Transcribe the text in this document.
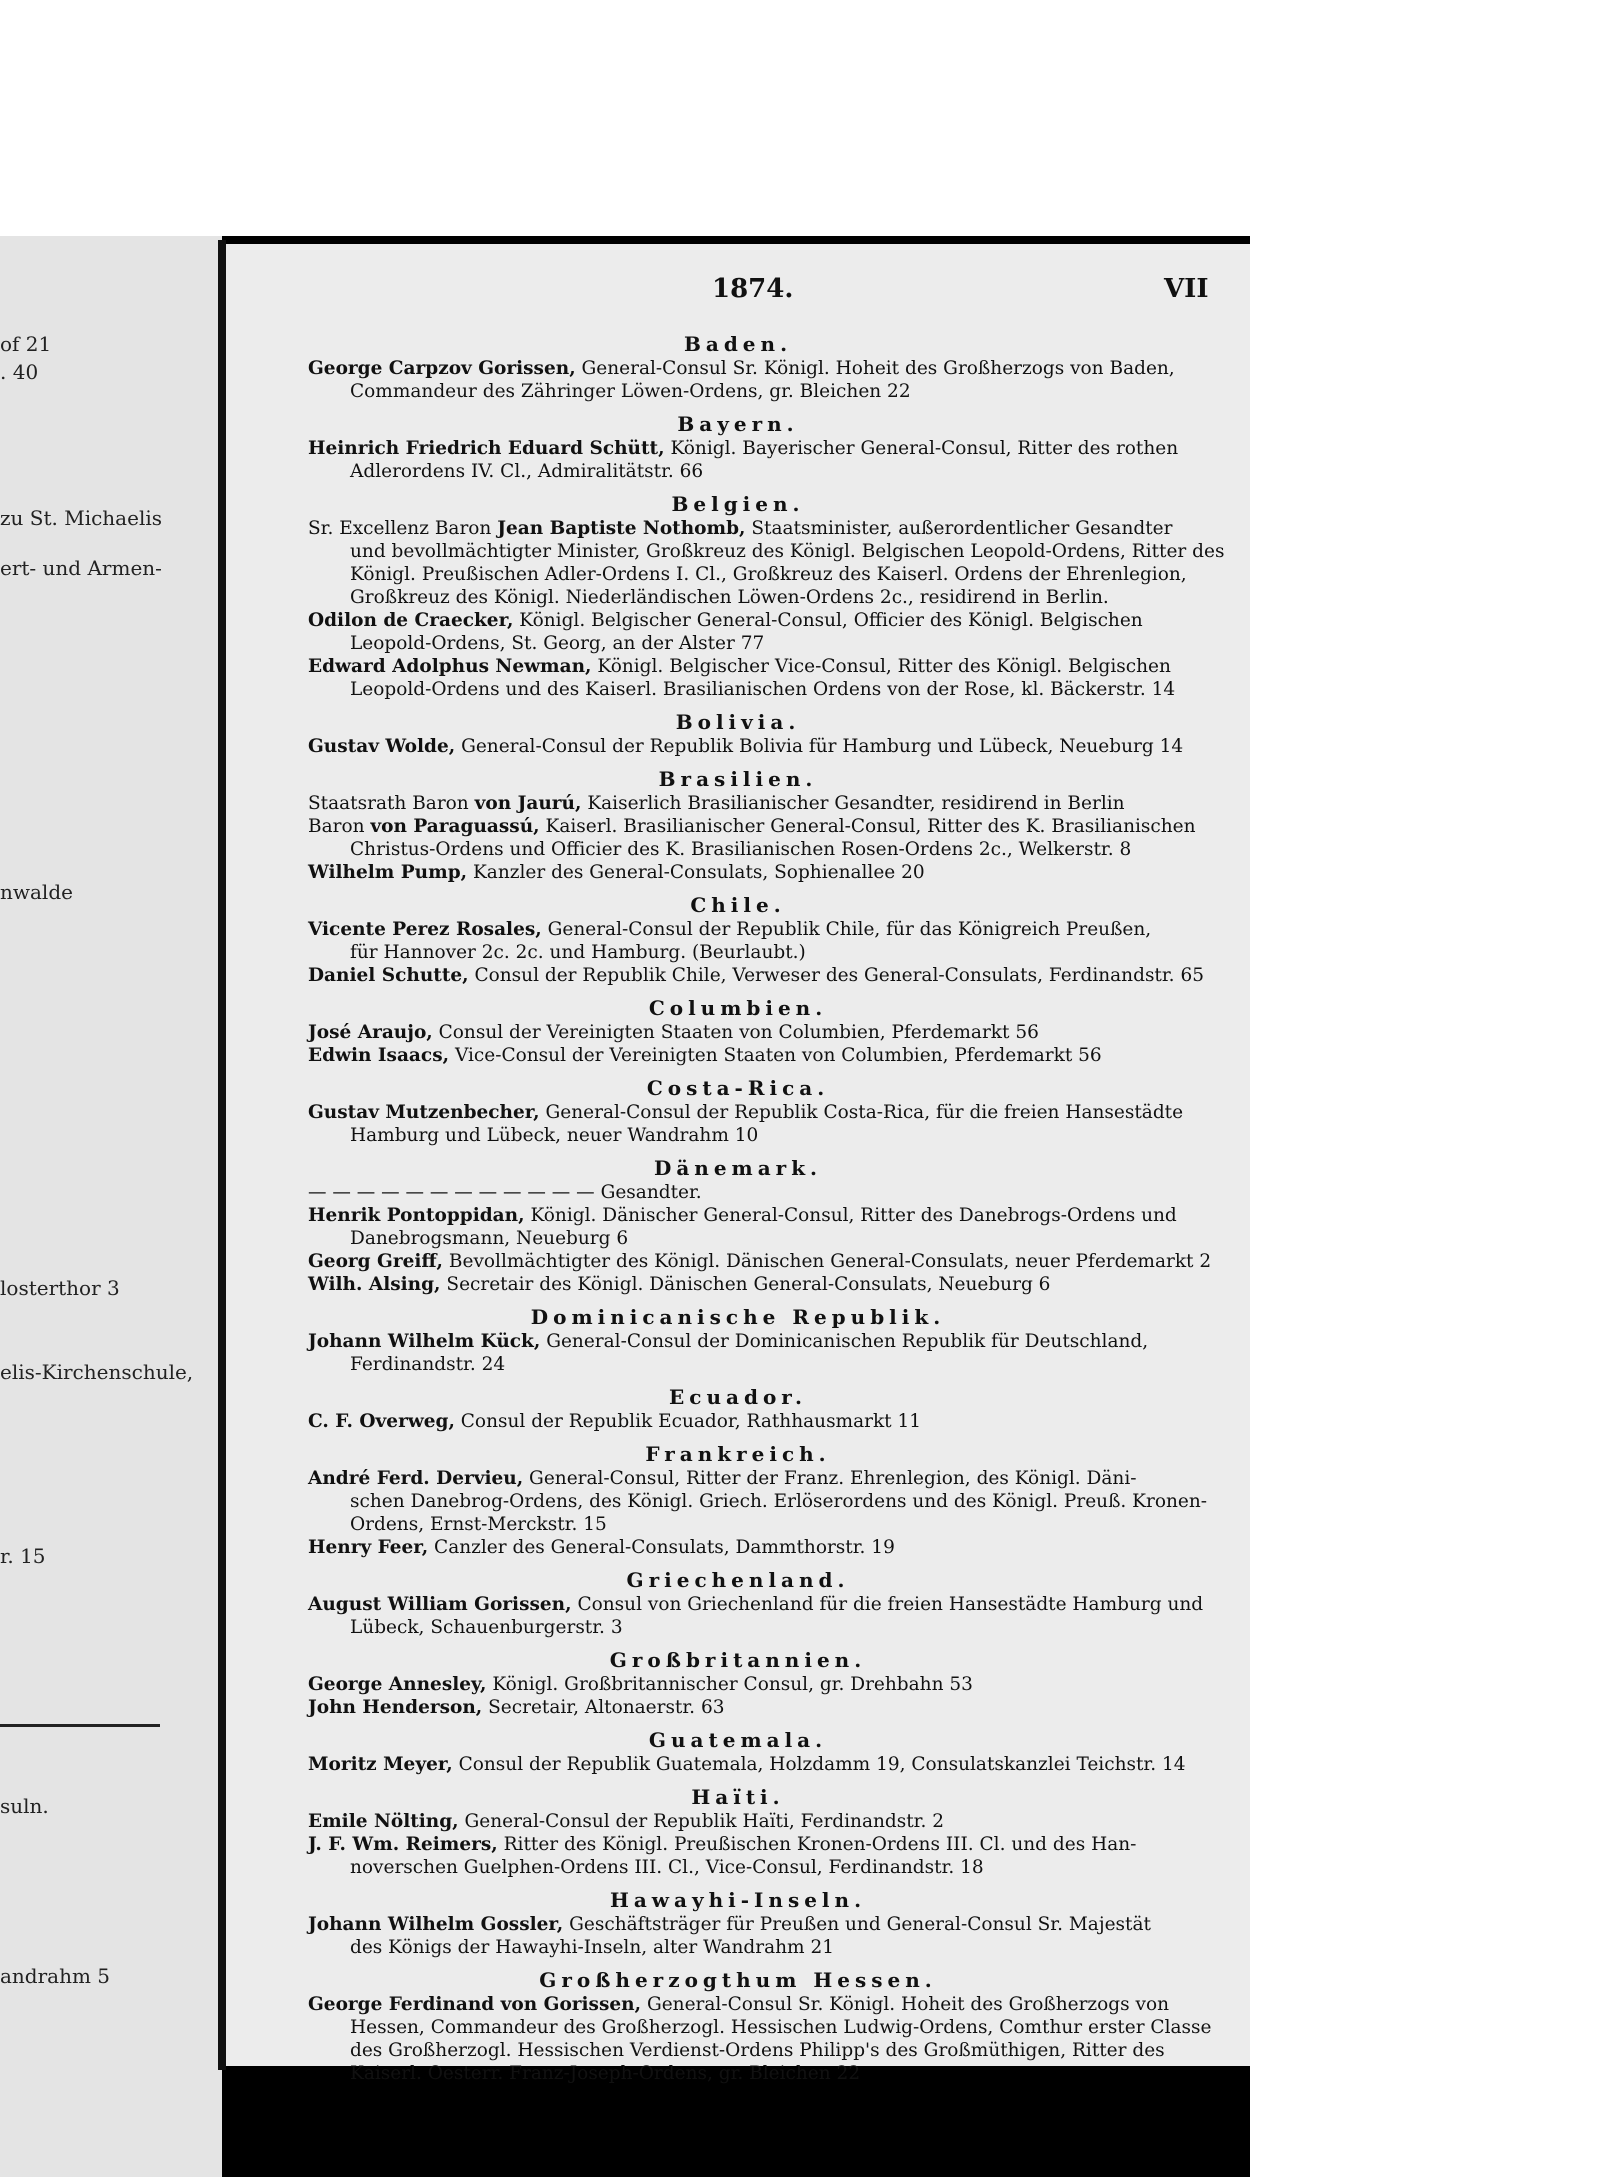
of 21
. 40
zu St. Michaelis
ert- und Armen-
nwalde
losterthor 3
elis-Kirchenschule,
r. 15
suln.
andrahm 5
1874.	VII
Baden.
George Carpzov Gorissen, General-Consul Sr. Königl. Hoheit des Großherzogs von Baden,
Commandeur des Zähringer Löwen-Ordens, gr. Bleichen 22
Bayern.
Heinrich Friedrich Eduard Schütt, Königl. Bayerischer General-Consul, Ritter des rothen
Adlerordens IV. Cl., Admiralitätstr. 66
Belgien.
Sr. Excellenz Baron Jean Baptiste Nothomb, Staatsminister, außerordentlicher Gesandter
und bevollmächtigter Minister, Großkreuz des Königl. Belgischen Leopold-Ordens, Ritter des
Königl. Preußischen Adler-Ordens I. Cl., Großkreuz des Kaiserl. Ordens der Ehrenlegion,
Großkreuz des Königl. Niederländischen Löwen-Ordens 2c., residirend in Berlin.
Odilon de Craecker, Königl. Belgischer General-Consul, Officier des Königl. Belgischen
Leopold-Ordens, St. Georg, an der Alster 77
Edward Adolphus Newman, Königl. Belgischer Vice-Consul, Ritter des Königl. Belgischen
Leopold-Ordens und des Kaiserl. Brasilianischen Ordens von der Rose, kl. Bäckerstr. 14
Bolivia.
Gustav Wolde, General-Consul der Republik Bolivia für Hamburg und Lübeck, Neueburg 14
Brasilien.
Staatsrath Baron von Jaurú, Kaiserlich Brasilianischer Gesandter, residirend in Berlin
Baron von Paraguassú, Kaiserl. Brasilianischer General-Consul, Ritter des K. Brasilianischen
Christus-Ordens und Officier des K. Brasilianischen Rosen-Ordens 2c., Welkerstr. 8
Wilhelm Pump, Kanzler des General-Consulats, Sophienallee 20
Chile.
Vicente Perez Rosales, General-Consul der Republik Chile, für das Königreich Preußen,
für Hannover 2c. 2c. und Hamburg. (Beurlaubt.)
Daniel Schutte, Consul der Republik Chile, Verweser des General-Consulats, Ferdinandstr. 65
Columbien.
José Araujo, Consul der Vereinigten Staaten von Columbien, Pferdemarkt 56
Edwin Isaacs, Vice-Consul der Vereinigten Staaten von Columbien, Pferdemarkt 56
Costa-Rica.
Gustav Mutzenbecher, General-Consul der Republik Costa-Rica, für die freien Hansestädte
Hamburg und Lübeck, neuer Wandrahm 10
Dänemark.
— — — — — — — — — — — — Gesandter.
Henrik Pontoppidan, Königl. Dänischer General-Consul, Ritter des Danebrogs-Ordens und
Danebrogsmann, Neueburg 6
Georg Greiff, Bevollmächtigter des Königl. Dänischen General-Consulats, neuer Pferdemarkt 2
Wilh. Alsing, Secretair des Königl. Dänischen General-Consulats, Neueburg 6
Dominicanische Republik.
Johann Wilhelm Kück, General-Consul der Dominicanischen Republik für Deutschland,
Ferdinandstr. 24
Ecuador.
C. F. Overweg, Consul der Republik Ecuador, Rathhausmarkt 11
Frankreich.
André Ferd. Dervieu, General-Consul, Ritter der Franz. Ehrenlegion, des Königl. Däni-
schen Danebrog-Ordens, des Königl. Griech. Erlöserordens und des Königl. Preuß. Kronen-
Ordens, Ernst-Merckstr. 15
Henry Feer, Canzler des General-Consulats, Dammthorstr. 19
Griechenland.
August William Gorissen, Consul von Griechenland für die freien Hansestädte Hamburg und
Lübeck, Schauenburgerstr. 3
Großbritannien.
George Annesley, Königl. Großbritannischer Consul, gr. Drehbahn 53
John Henderson, Secretair, Altonaerstr. 63
Guatemala.
Moritz Meyer, Consul der Republik Guatemala, Holzdamm 19, Consulatskanzlei Teichstr. 14
Haïti.
Emile Nölting, General-Consul der Republik Haïti, Ferdinandstr. 2
J. F. Wm. Reimers, Ritter des Königl. Preußischen Kronen-Ordens III. Cl. und des Han-
noverschen Guelphen-Ordens III. Cl., Vice-Consul, Ferdinandstr. 18
Hawayhi-Inseln.
Johann Wilhelm Gossler, Geschäftsträger für Preußen und General-Consul Sr. Majestät
des Königs der Hawayhi-Inseln, alter Wandrahm 21
Großherzogthum Hessen.
George Ferdinand von Gorissen, General-Consul Sr. Königl. Hoheit des Großherzogs von
Hessen, Commandeur des Großherzogl. Hessischen Ludwig-Ordens, Comthur erster Classe
des Großherzogl. Hessischen Verdienst-Ordens Philipp's des Großmüthigen, Ritter des
Kaiserl. Oesterr. Franz-Joseph-Ordens, gr. Bleichen 22
